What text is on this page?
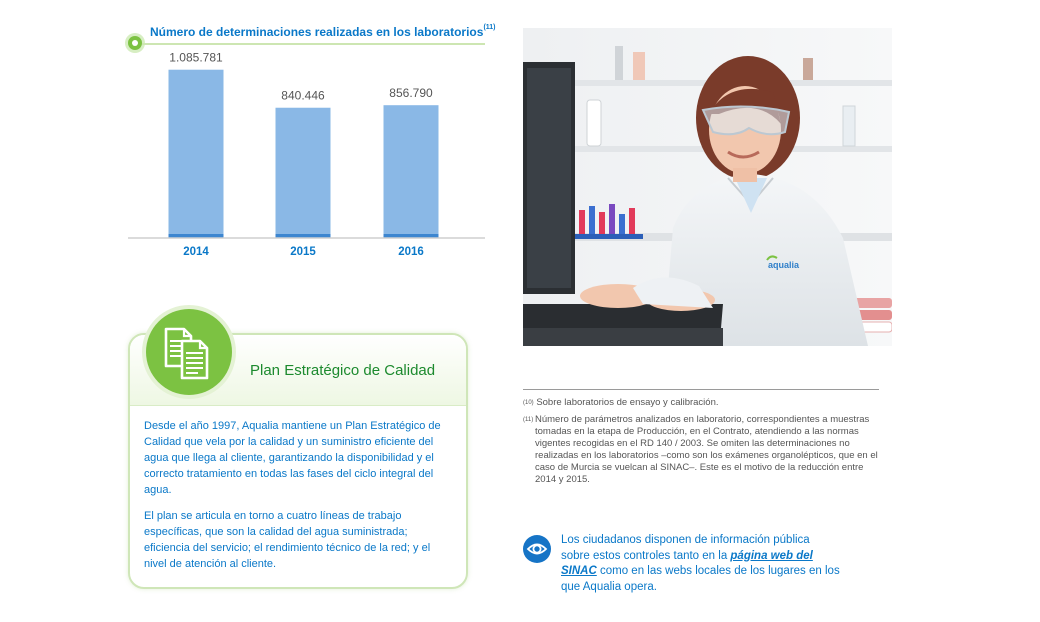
Número de determinaciones realizadas en los laboratorios$^{(11)}$
1.085.781
2014
840.446
2015
856.790
2016
Plan Estratégico de Calidad
Desde el año 1997, Aqualia mantiene un Plan Estratégico de Calidad que vela por la calidad y un suministro eficiente del agua que llega al cliente, garantizando la disponibilidad y el correcto tratamiento en todas las fases del ciclo integral del agua.
El plan se articula en torno a cuatro líneas de trabajo específicas, que son la calidad del agua suministrada; eficiencia del servicio; el rendimiento técnico de la red; y el nivel de atención al cliente.
aqualia
$^{(10)}$ Sobre laboratorios de ensayo y calibración.
$^{(11)}$ Número de parámetros analizados en laboratorio, correspondientes a muestras tomadas en la etapa de Producción, en el Contrato, atendiendo a las normas vigentes recogidas en el RD 140 / 2003. Se omiten las determinaciones no realizadas en los laboratorios –como son los exámenes organolépticos, que en el caso de Murcia se vuelcan al SINAC–. Este es el motivo de la reducción entre 2014 y 2015.
Los ciudadanos disponen de información pública sobre estos controles tanto en la página web del SINAC como en las webs locales de los lugares en los que Aqualia opera.
